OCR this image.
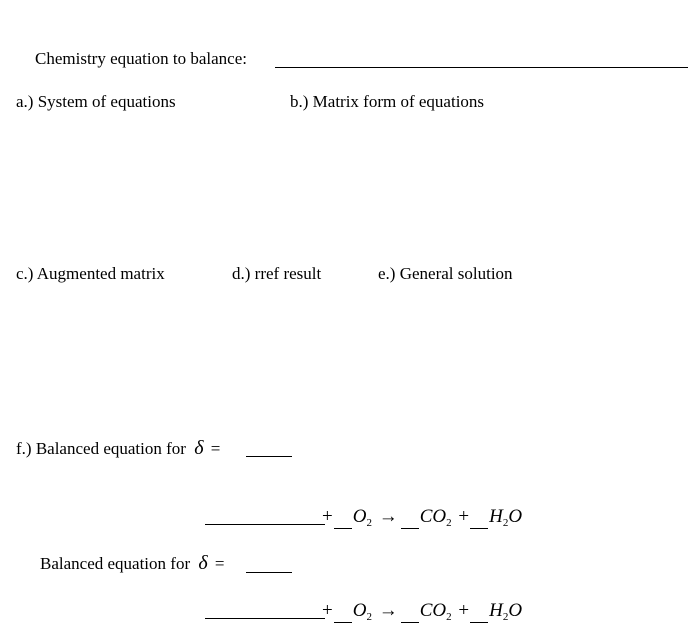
Chemistry equation to balance:
a.) System of equations	b.) Matrix form of equations
c.) Augmented matrix	d.) rref result	e.) General solution
f.) Balanced equation for δ =
+ $O_2 \to CO_2 + H_2O$
Balanced equation for δ =
+ $O_2 \to CO_2 + H_2O$
